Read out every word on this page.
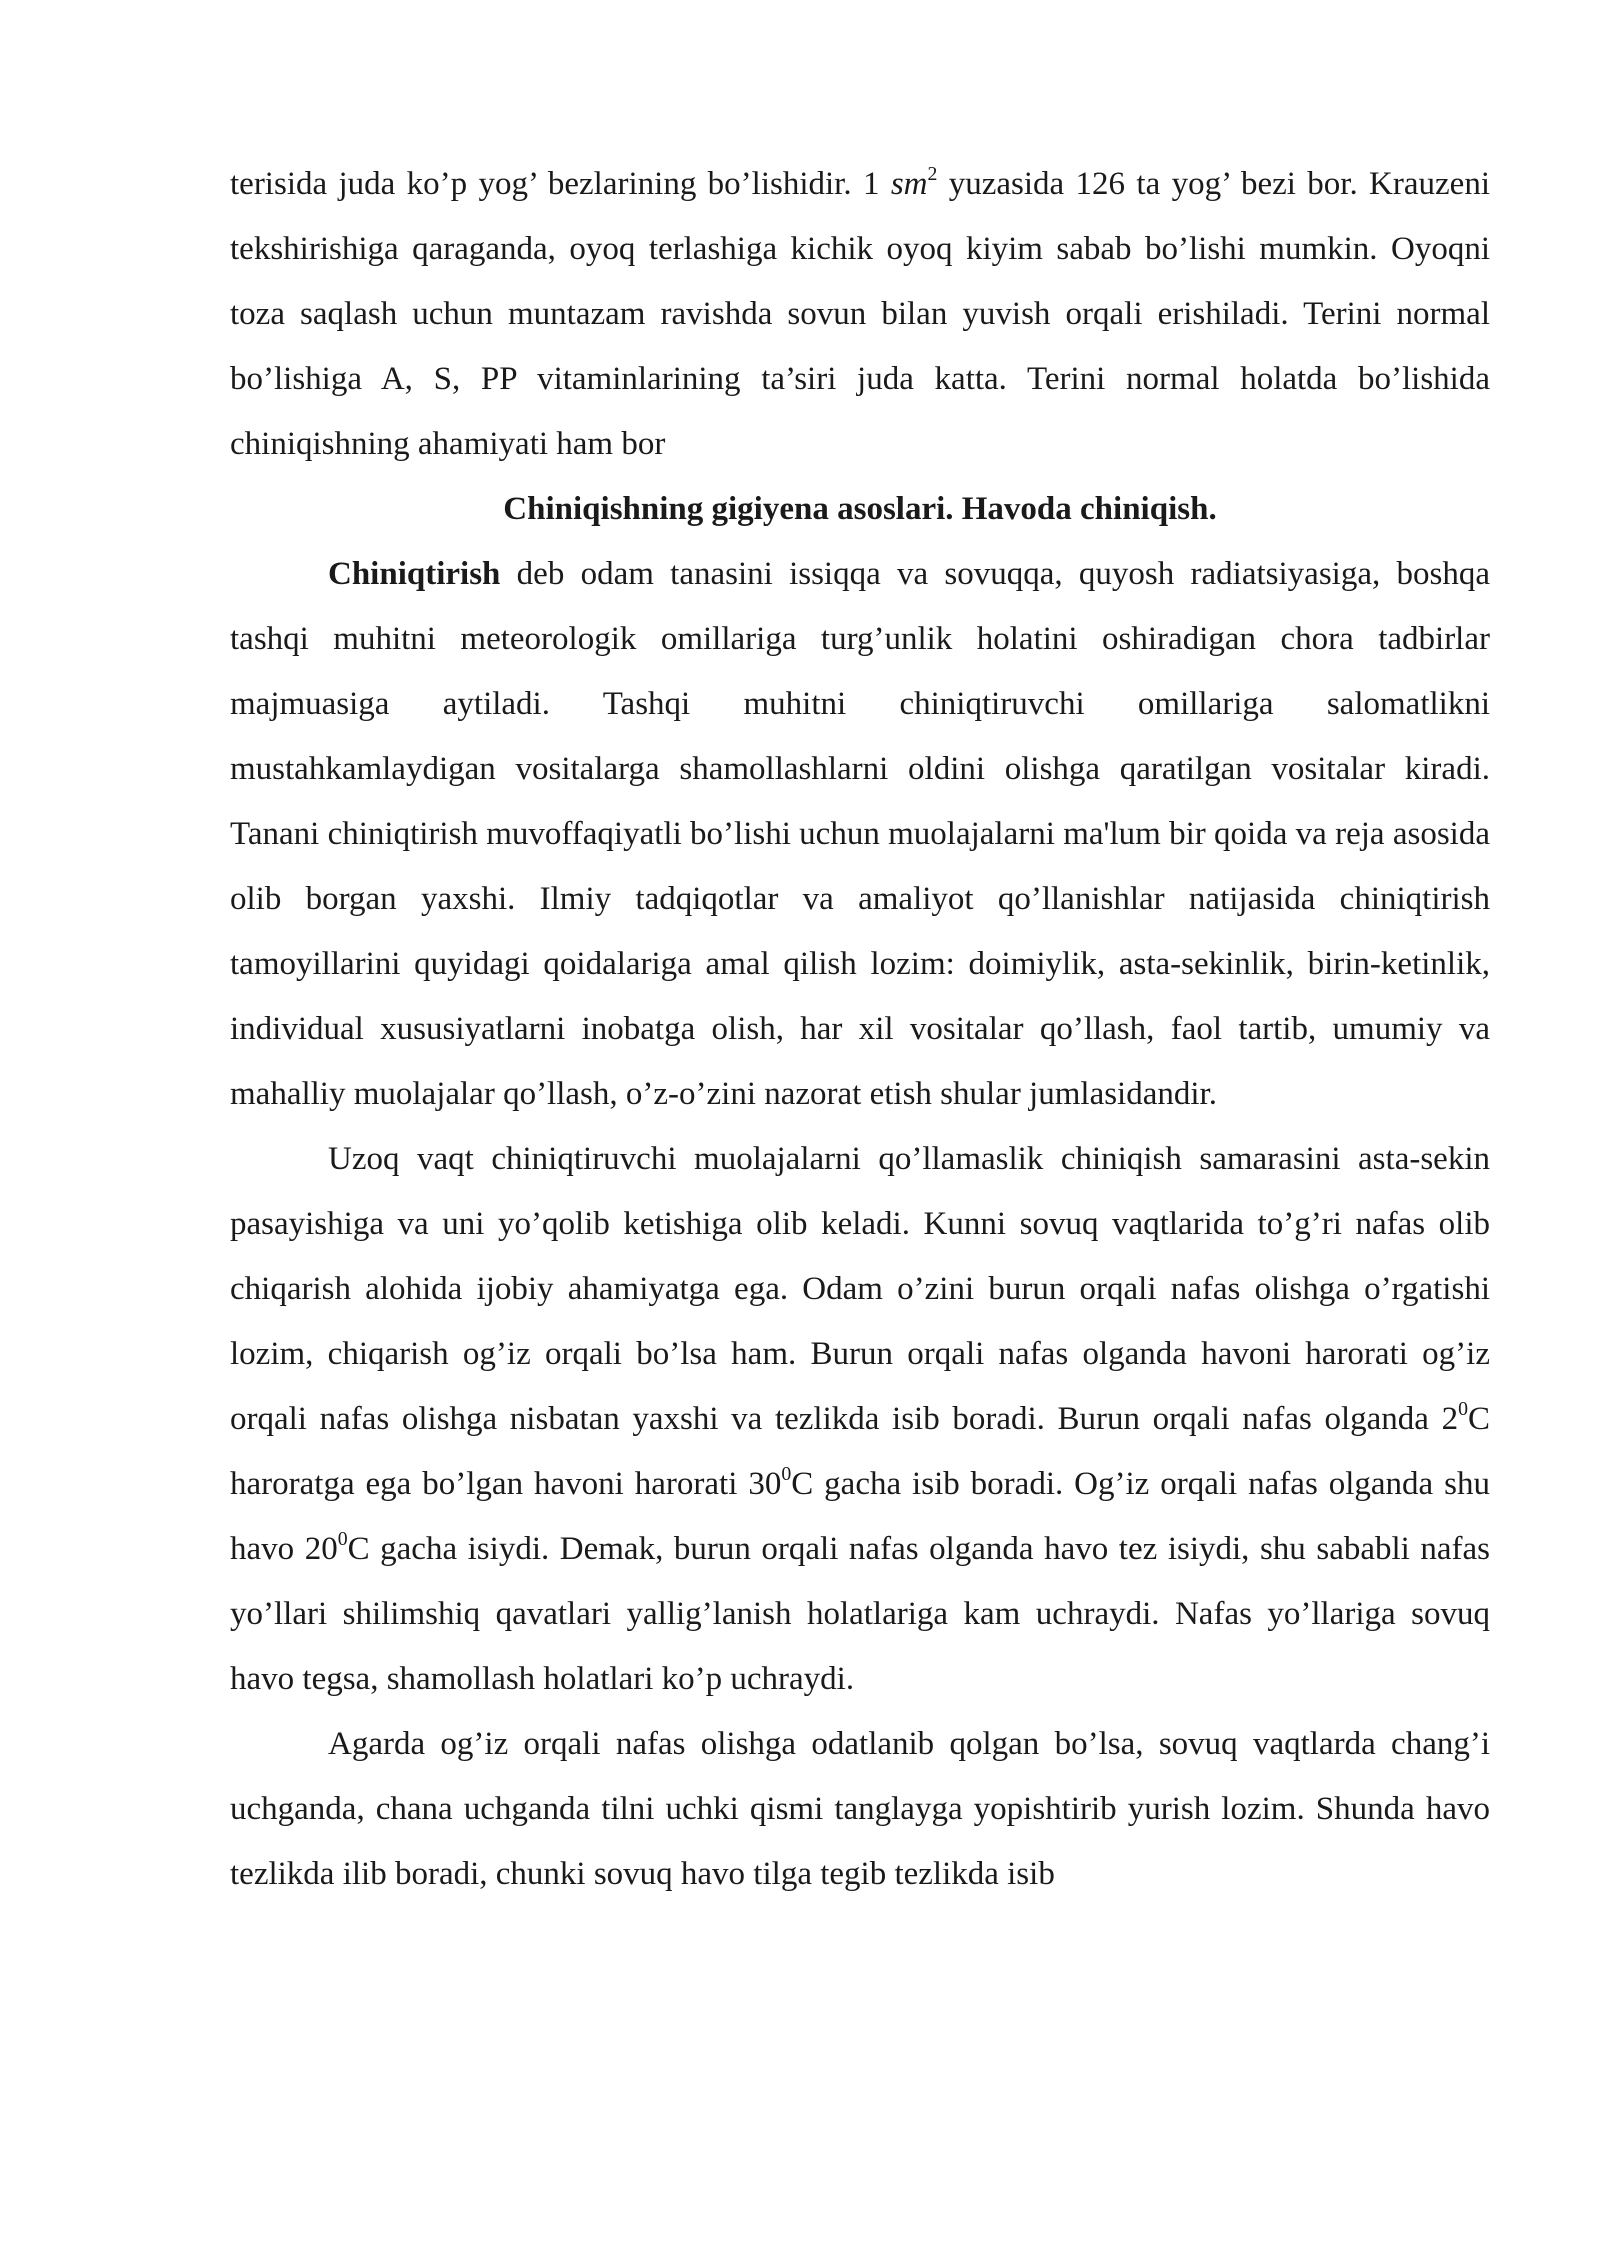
terisida juda ko’p yog’ bezlarining bo’lishidir. 1 $sm^2$ yuzasida 126 ta yog’ bezi bor. Krauzeni tekshirishiga qaraganda, oyoq terlashiga kichik oyoq kiyim sabab bo’lishi mumkin. Oyoqni toza saqlash uchun muntazam ravishda sovun bilan yuvish orqali erishiladi. Terini normal bo’lishiga A, S, PP vitaminlarining ta’siri juda katta. Terini normal holatda bo’lishida chiniqishning ahamiyati ham bor

Chiniqishning gigiyena asoslari. Havoda chiniqish.

Chiniqtirish deb odam tanasini issiqqa va sovuqqa, quyosh radiatsiyasiga, boshqa tashqi muhitni meteorologik omillariga turg’unlik holatini oshiradigan chora tadbirlar majmuasiga aytiladi. Tashqi muhitni chiniqtiruvchi omillariga salomatlikni mustahkamlaydigan vositalarga shamollashlarni oldini olishga qaratilgan vositalar kiradi. Tananі chiniqtirish muvoffaqiyatli bo’lishi uchun muolajalarni ma'lum bir qoida va reja asosida olib borgan yaxshi. Ilmiy tadqiqotlar va amaliyot qo’llanishlar natijasida chiniqtirish tamoyillarini quyidagi qoidalariga amal qilish lozim: doimiylik, asta-sekinlik, birin-ketinlik, individual xususiyatlarni inobatga olish, har xil vositalar qo’llash, faol tartib, umumiy va mahalliy muolajalar qo’llash, o’z-o’zini nazorat etish shular jumlasidandir.

Uzoq vaqt chiniqtiruvchi muolajalarni qo’llamaslik chiniqish samarasini asta-sekin pasayishiga va uni yo’qolib ketishiga olib keladi. Kunni sovuq vaqtlarida to’g’ri nafas olib chiqarish alohida ijobiy ahamiyatga ega. Odam o’zini burun orqali nafas olishga o’rgatishi lozim, chiqarish og’iz orqali bo’lsa ham. Burun orqali nafas olganda havoni harorati og’iz orqali nafas olishga nisbatan yaxshi va tezlikda isib boradi. Burun orqali nafas olganda $2^0C$ haroratga ega bo’lgan havoni harorati $30^0C$ gacha isib boradi. Og’iz orqali nafas olganda shu havo $20^0C$ gacha isiydi. Demak, burun orqali nafas olganda havo tez isiydi, shu sababli nafas yo’llari shilimshiq qavatlari yallig’lanish holatlariga kam uchraydi. Nafas yo’llariga sovuq havo tegsa, shamollash holatlari ko’p uchraydi.

Agarda og’iz orqali nafas olishga odatlanib qolgan bo’lsa, sovuq vaqtlarda chang’i uchganda, chana uchganda tilni uchki qismi tanglayga yopishtirib yurish lozim. Shunda havo tezlikda ilib boradi, chunki sovuq havo tilga tegib tezlikda isib
